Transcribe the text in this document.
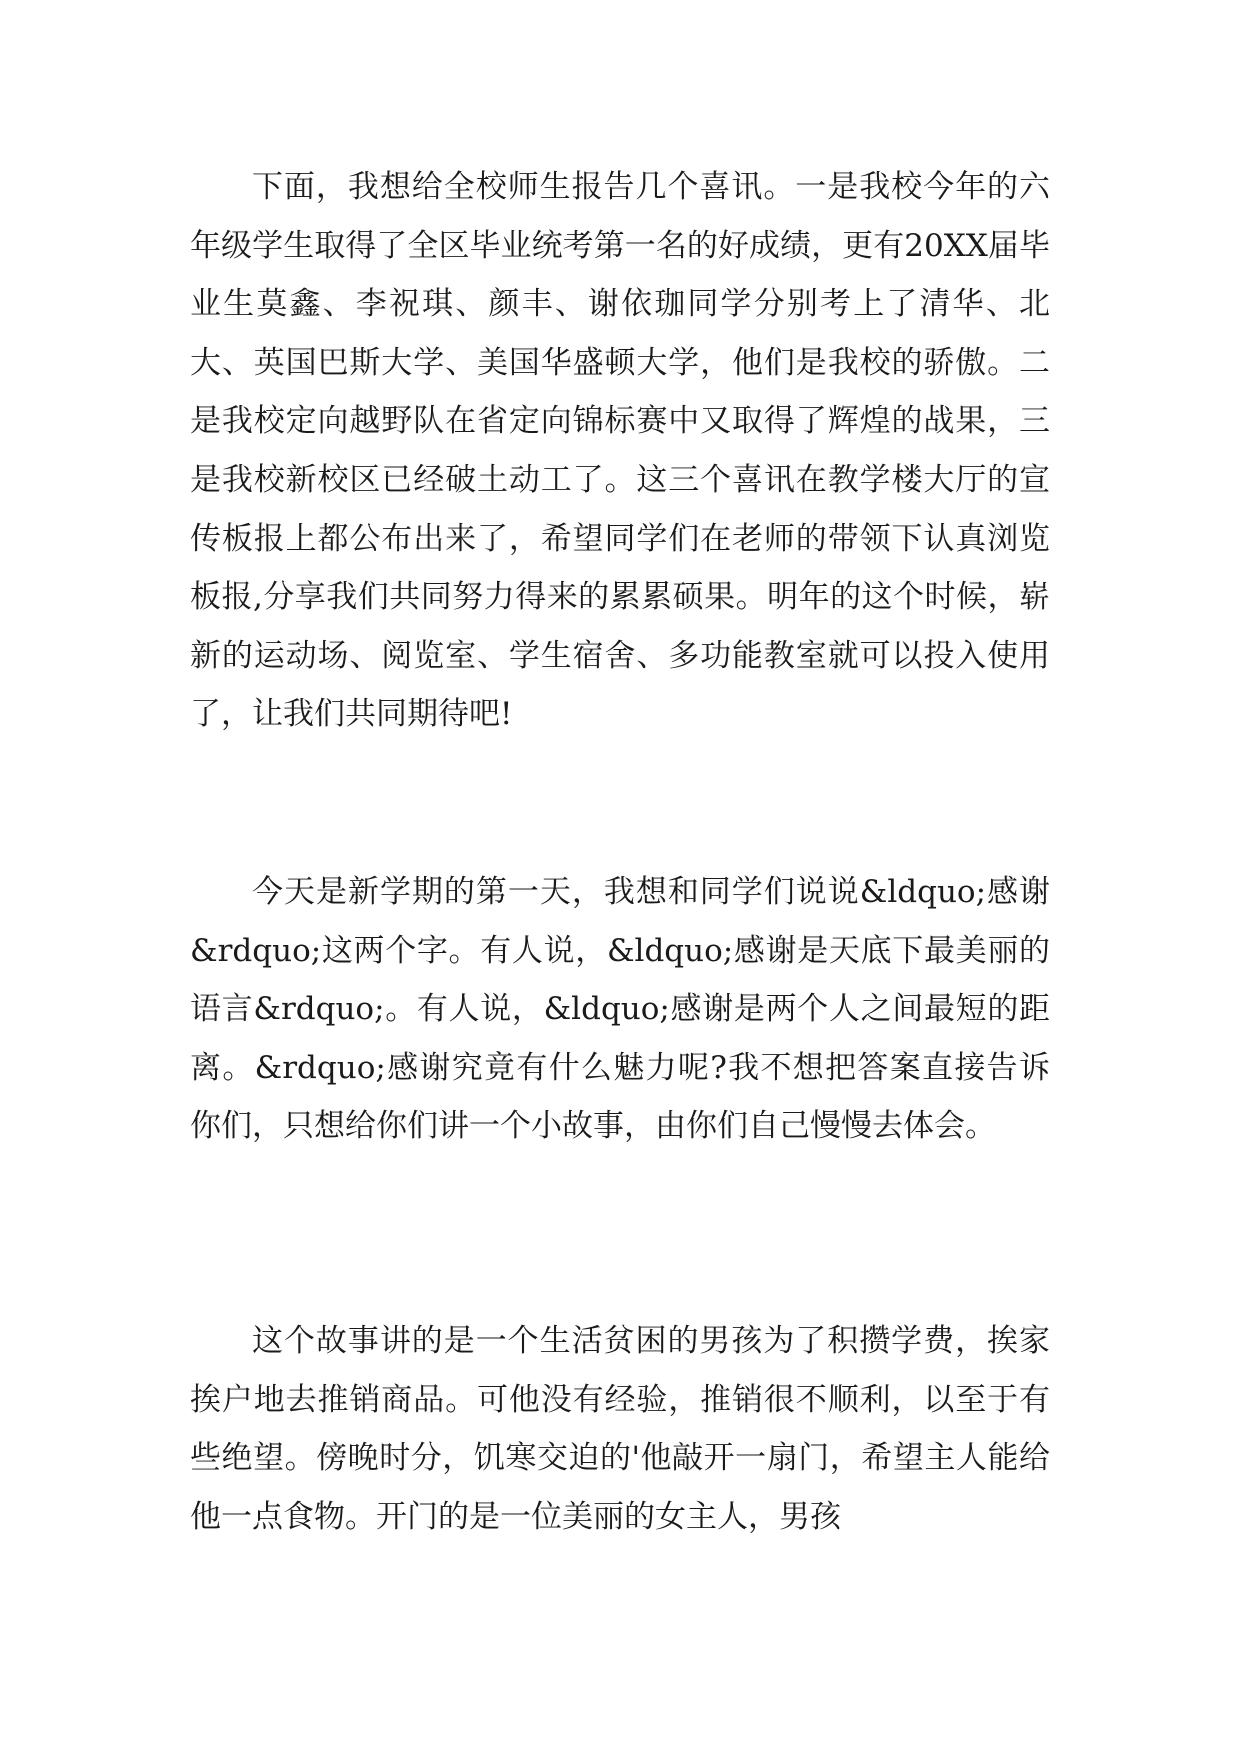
下面，我想给全校师生报告几个喜讯。一是我校今年的六年级学生取得了全区毕业统考第一名的好成绩，更有20XX届毕业生莫鑫、李祝琪、颜丰、谢依珈同学分别考上了清华、北大、英国巴斯大学、美国华盛顿大学，他们是我校的骄傲。二是我校定向越野队在省定向锦标赛中又取得了辉煌的战果，三是我校新校区已经破土动工了。这三个喜讯在教学楼大厅的宣传板报上都公布出来了，希望同学们在老师的带领下认真浏览板报,分享我们共同努力得来的累累硕果。明年的这个时候，崭新的运动场、阅览室、学生宿舍、多功能教室就可以投入使用了，让我们共同期待吧!

今天是新学期的第一天，我想和同学们说说&ldquo;感谢&rdquo;这两个字。有人说，&ldquo;感谢是天底下最美丽的语言&rdquo;。有人说，&ldquo;感谢是两个人之间最短的距离。&rdquo;感谢究竟有什么魅力呢?我不想把答案直接告诉你们，只想给你们讲一个小故事，由你们自己慢慢去体会。

这个故事讲的是一个生活贫困的男孩为了积攒学费，挨家挨户地去推销商品。可他没有经验，推销很不顺利，以至于有些绝望。傍晚时分，饥寒交迫的'他敲开一扇门，希望主人能给他一点食物。开门的是一位美丽的女主人，男孩
